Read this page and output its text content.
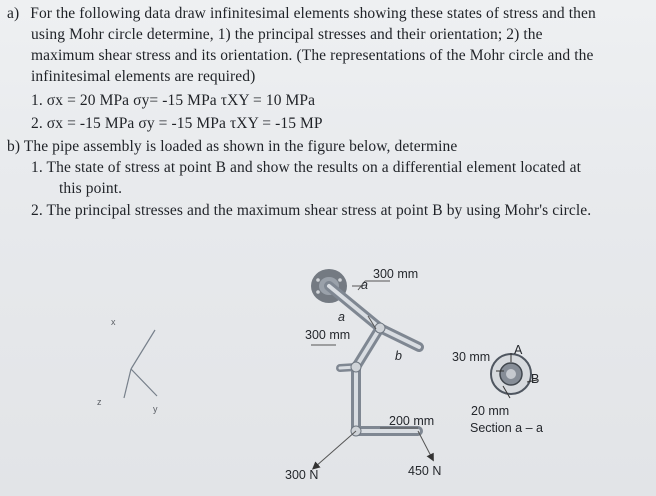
a) For the following data draw infinitesimal elements showing these states of stress and then
using Mohr circle determine, 1) the principal stresses and their orientation; 2) the
maximum shear stress and its orientation. (The representations of the Mohr circle and the
infinitesimal elements are required)
1. σx = 20 MPa σy= -15 MPa τXY = 10 MPa
2. σx = -15 MPa σy = -15 MPa τXY = -15 MP
b) The pipe assembly is loaded as shown in the figure below, determine
1. The state of stress at point B and show the results on a differential element located at
this point.
2. The principal stresses and the maximum shear stress at point B by using Mohr's circle.
x
y
z
300 mm
300 mm
200 mm
a
a
b
300 N	450 N
30 mm
20 mm
Section a – a
A
B
